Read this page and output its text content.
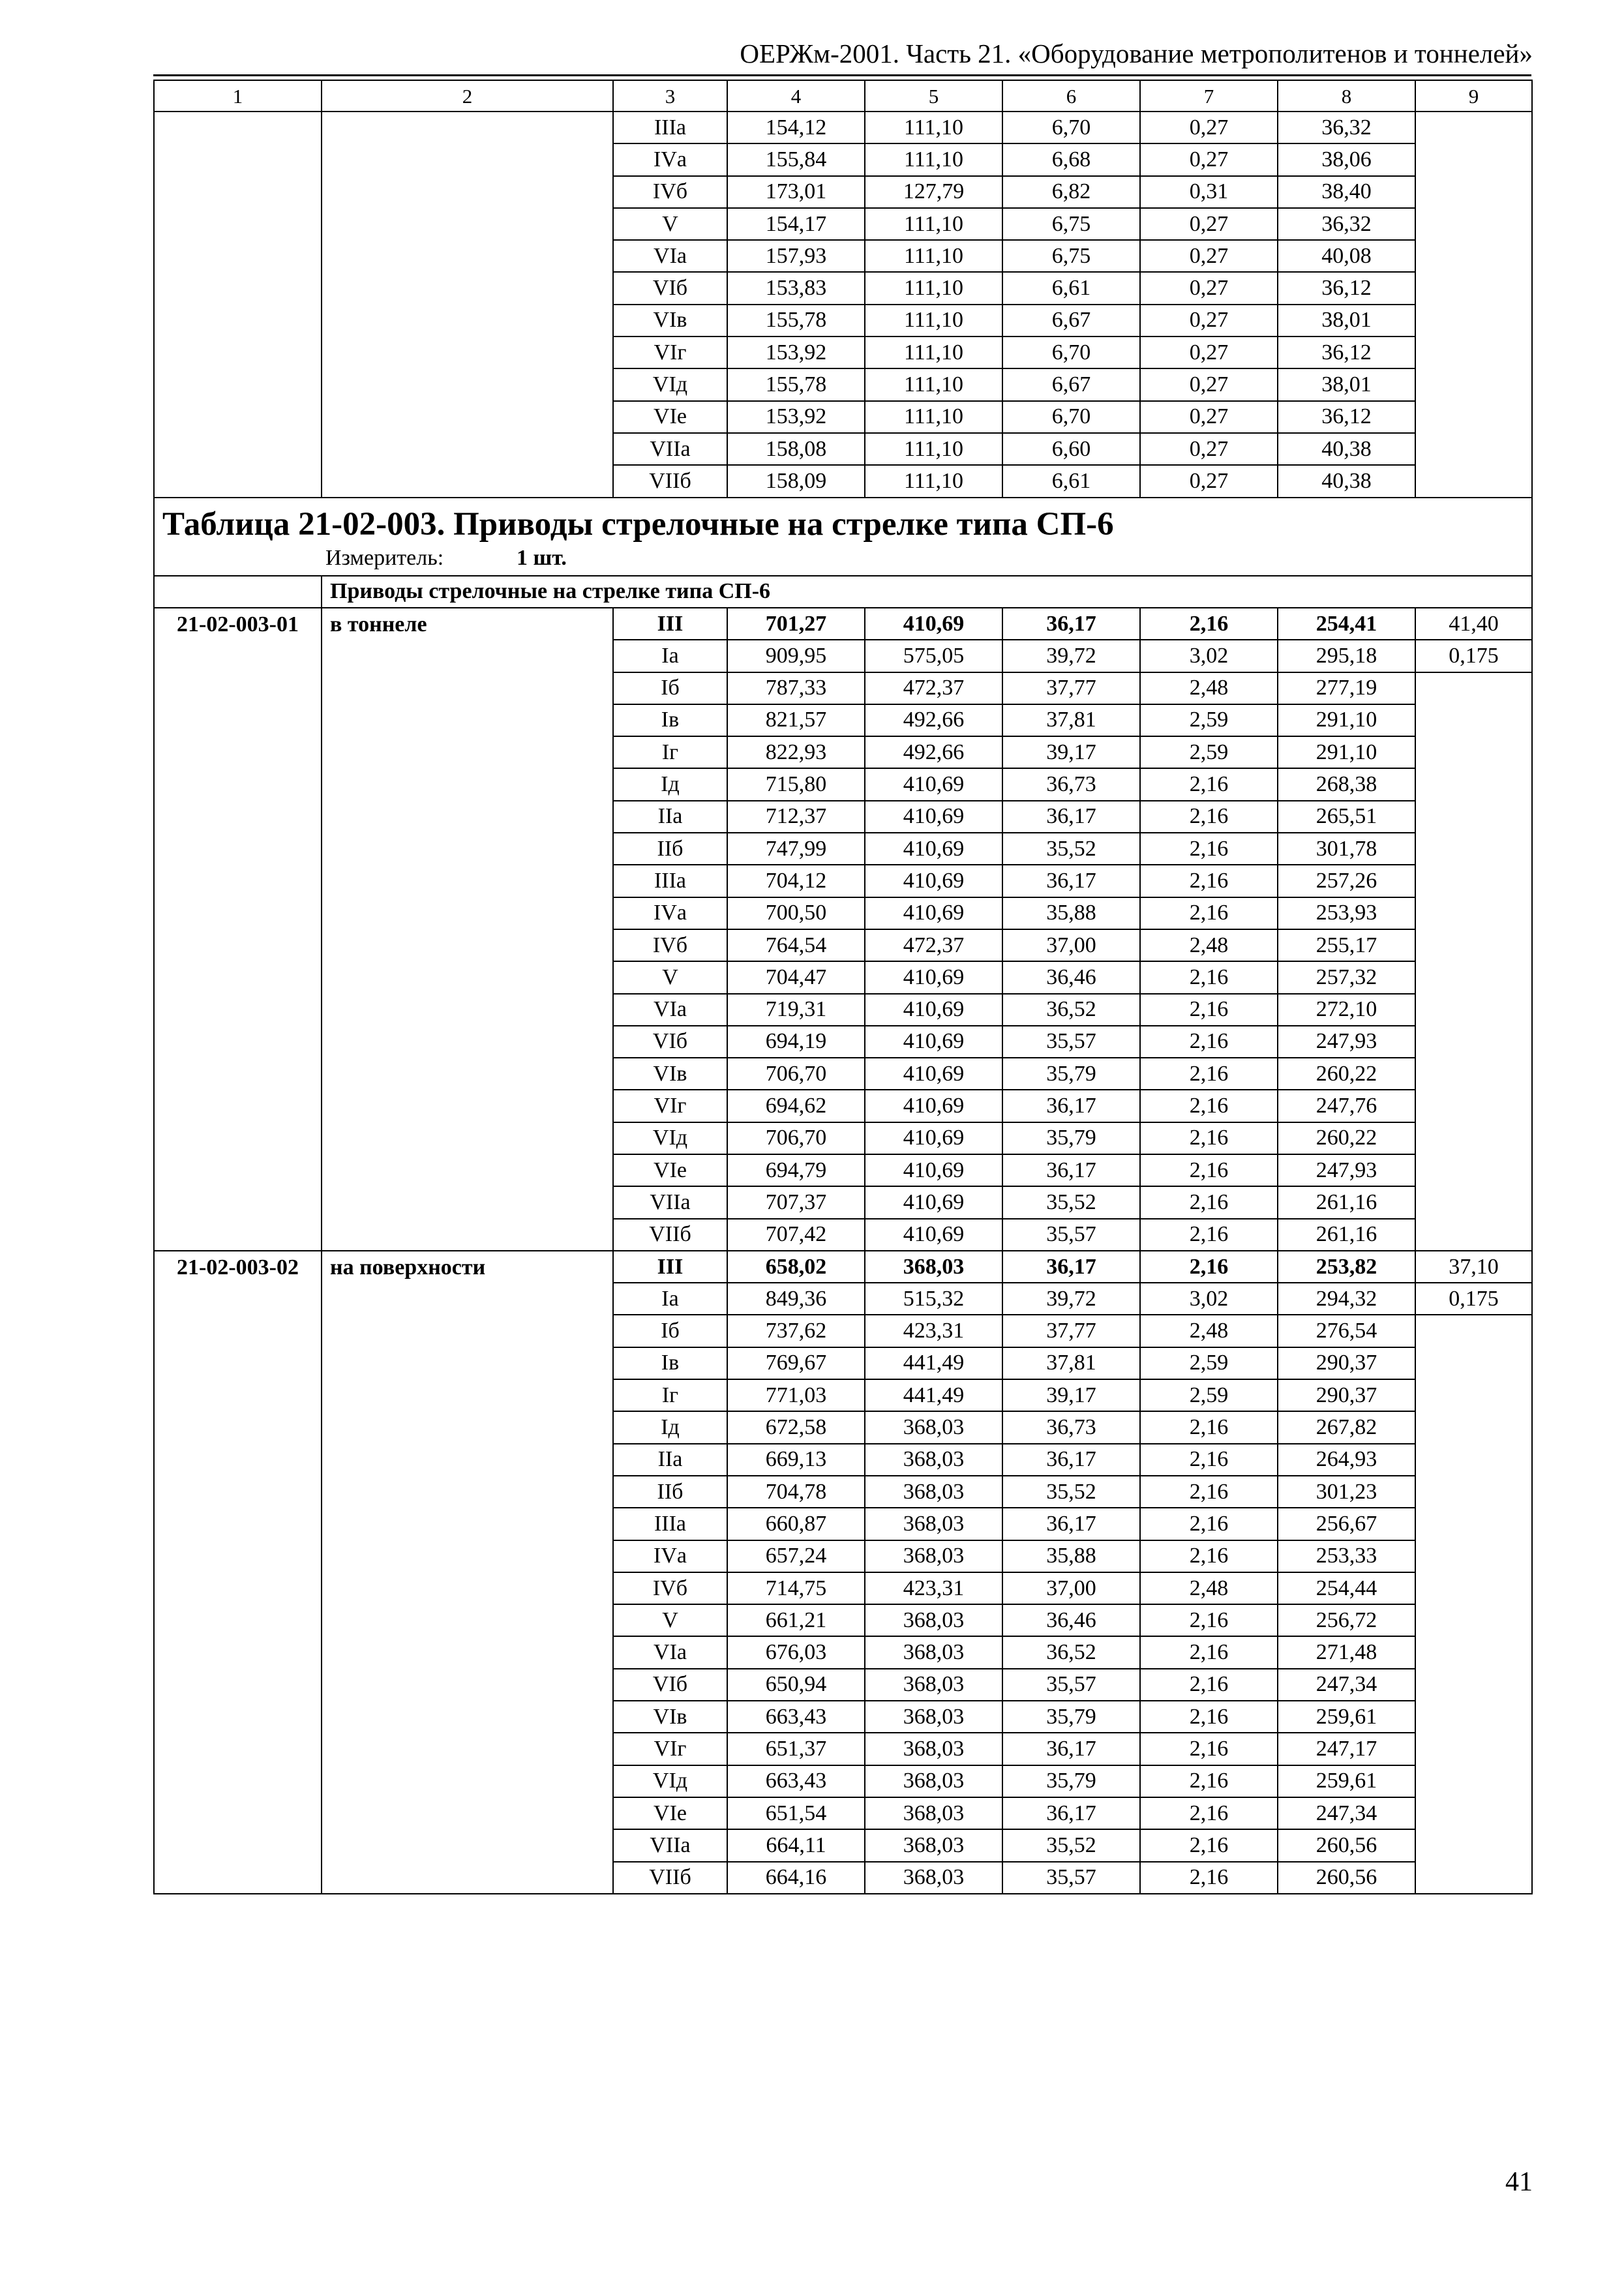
ОЕРЖм-2001. Часть 21. «Оборудование метрополитенов и тоннелей»
1	2	3	4	5	6	7	8	9
		IIIа	154,12	111,10	6,70	0,27	36,32	
		IVа	155,84	111,10	6,68	0,27	38,06	
		IVб	173,01	127,79	6,82	0,31	38,40	
		V	154,17	111,10	6,75	0,27	36,32	
		VIа	157,93	111,10	6,75	0,27	40,08	
		VIб	153,83	111,10	6,61	0,27	36,12	
		VIв	155,78	111,10	6,67	0,27	38,01	
		VIг	153,92	111,10	6,70	0,27	36,12	
		VIд	155,78	111,10	6,67	0,27	38,01	
		VIе	153,92	111,10	6,70	0,27	36,12	
		VIIа	158,08	111,10	6,60	0,27	40,38	
		VIIб	158,09	111,10	6,61	0,27	40,38	

Таблица 21-02-003. Приводы стрелочные на стрелке типа СП-6								

Измеритель: 1 шт.								

	Приводы стрелочные на стрелке типа СП-6							
21-02-003-01	в тоннеле	III	701,27	410,69	36,17	2,16	254,41	41,40
		Iа	909,95	575,05	39,72	3,02	295,18	0,175
		Iб	787,33	472,37	37,77	2,48	277,19	
		Iв	821,57	492,66	37,81	2,59	291,10	
		Iг	822,93	492,66	39,17	2,59	291,10	
		Iд	715,80	410,69	36,73	2,16	268,38	
		IIа	712,37	410,69	36,17	2,16	265,51	
		IIб	747,99	410,69	35,52	2,16	301,78	
		IIIа	704,12	410,69	36,17	2,16	257,26	
		IVа	700,50	410,69	35,88	2,16	253,93	
		IVб	764,54	472,37	37,00	2,48	255,17	
		V	704,47	410,69	36,46	2,16	257,32	
		VIа	719,31	410,69	36,52	2,16	272,10	
		VIб	694,19	410,69	35,57	2,16	247,93	
		VIв	706,70	410,69	35,79	2,16	260,22	
		VIг	694,62	410,69	36,17	2,16	247,76	
		VIд	706,70	410,69	35,79	2,16	260,22	
		VIе	694,79	410,69	36,17	2,16	247,93	
		VIIа	707,37	410,69	35,52	2,16	261,16	
		VIIб	707,42	410,69	35,57	2,16	261,16	
21-02-003-02	на поверхности	III	658,02	368,03	36,17	2,16	253,82	37,10
		Iа	849,36	515,32	39,72	3,02	294,32	0,175
		Iб	737,62	423,31	37,77	2,48	276,54	
		Iв	769,67	441,49	37,81	2,59	290,37	
		Iг	771,03	441,49	39,17	2,59	290,37	
		Iд	672,58	368,03	36,73	2,16	267,82	
		IIа	669,13	368,03	36,17	2,16	264,93	
		IIб	704,78	368,03	35,52	2,16	301,23	
		IIIа	660,87	368,03	36,17	2,16	256,67	
		IVа	657,24	368,03	35,88	2,16	253,33	
		IVб	714,75	423,31	37,00	2,48	254,44	
		V	661,21	368,03	36,46	2,16	256,72	
		VIа	676,03	368,03	36,52	2,16	271,48	
		VIб	650,94	368,03	35,57	2,16	247,34	
		VIв	663,43	368,03	35,79	2,16	259,61	
		VIг	651,37	368,03	36,17	2,16	247,17	
		VIд	663,43	368,03	35,79	2,16	259,61	
		VIе	651,54	368,03	36,17	2,16	247,34	
		VIIа	664,11	368,03	35,52	2,16	260,56	
		VIIб	664,16	368,03	35,57	2,16	260,56	
41
